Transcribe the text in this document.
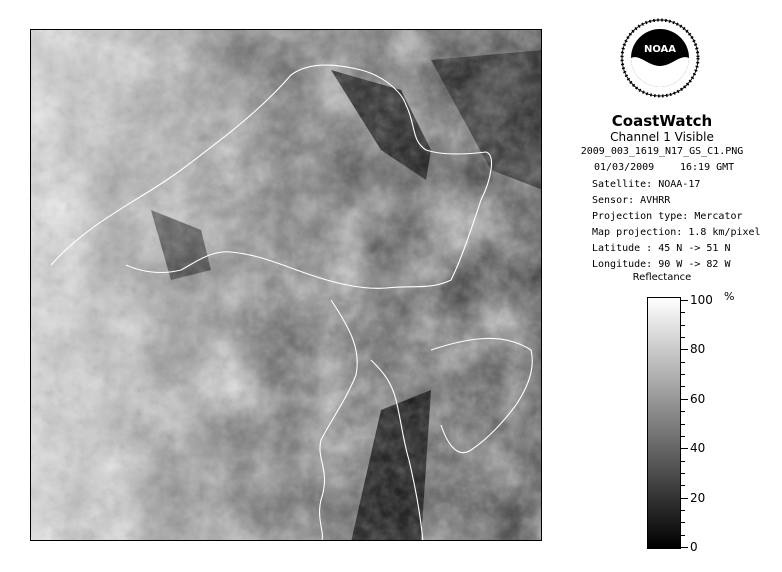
NOAA
CoastWatch
Channel 1 Visible
2009_003_1619_N17_GS_C1.PNG
01/03/2009	16:19 GMT
Satellite: NOAA-17
Sensor: AVHRR
Projection type: Mercator
Map projection: 1.8 km/pixel
Latitude : 45 N -> 51 N
Longitude: 90 W -> 82 W
Reflectance
%
100
80
60
40
20
0
